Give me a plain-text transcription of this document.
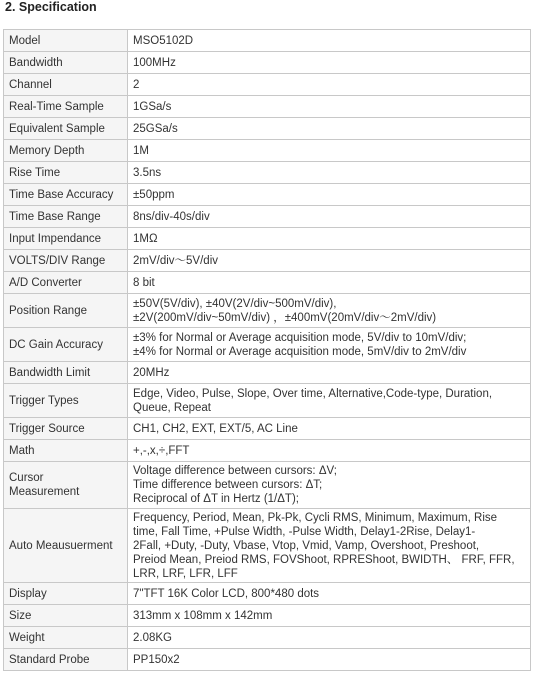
2. Specification
Model	MSO5102D

Bandwidth	100MHz

Channel	2

Real-Time Sample	1GSa/s

Equivalent Sample	25GSa/s

Memory Depth	1M

Rise Time	3.5ns

Time Base Accuracy	±50ppm

Time Base Range	8ns/div-40s/div

Input Impendance	1MΩ

VOLTS/DIV Range	2mV/div～5V/div

A/D Converter	8 bit

Position Range	±50V(5V/div), ±40V(2V/div~500mV/div),
±2V(200mV/div~50mV/div) ，±400mV(20mV/div～2mV/div)

DC Gain Accuracy	±3% for Normal or Average acquisition mode, 5V/div to 10mV/div;
±4% for Normal or Average acquisition mode, 5mV/div to 2mV/div

Bandwidth Limit	20MHz

Trigger Types	Edge, Video, Pulse, Slope, Over time, Alternative,Code-type, Duration,
Queue, Repeat

Trigger Source	CH1, CH2, EXT, EXT/5, AC Line

Math	+,-,x,÷,FFT

Cursor
Measurement	Voltage difference between cursors: ΔV;
Time difference between cursors: ΔT;
Reciprocal of ΔT in Hertz (1/ΔT);

Auto Meausuerment	Frequency, Period, Mean, Pk-Pk, Cycli RMS, Minimum, Maximum, Rise
time, Fall Time, +Pulse Width, -Pulse Width, Delay1-2Rise, Delay1-
2Fall, +Duty, -Duty, Vbase, Vtop, Vmid, Vamp, Overshoot, Preshoot,
Preiod Mean, Preiod RMS, FOVShoot, RPREShoot, BWIDTH、 FRF, FFR,
LRR, LRF, LFR, LFF

Display	7"TFT 16K Color LCD, 800*480 dots

Size	313mm x 108mm x 142mm

Weight	2.08KG

Standard Probe	PP150x2
